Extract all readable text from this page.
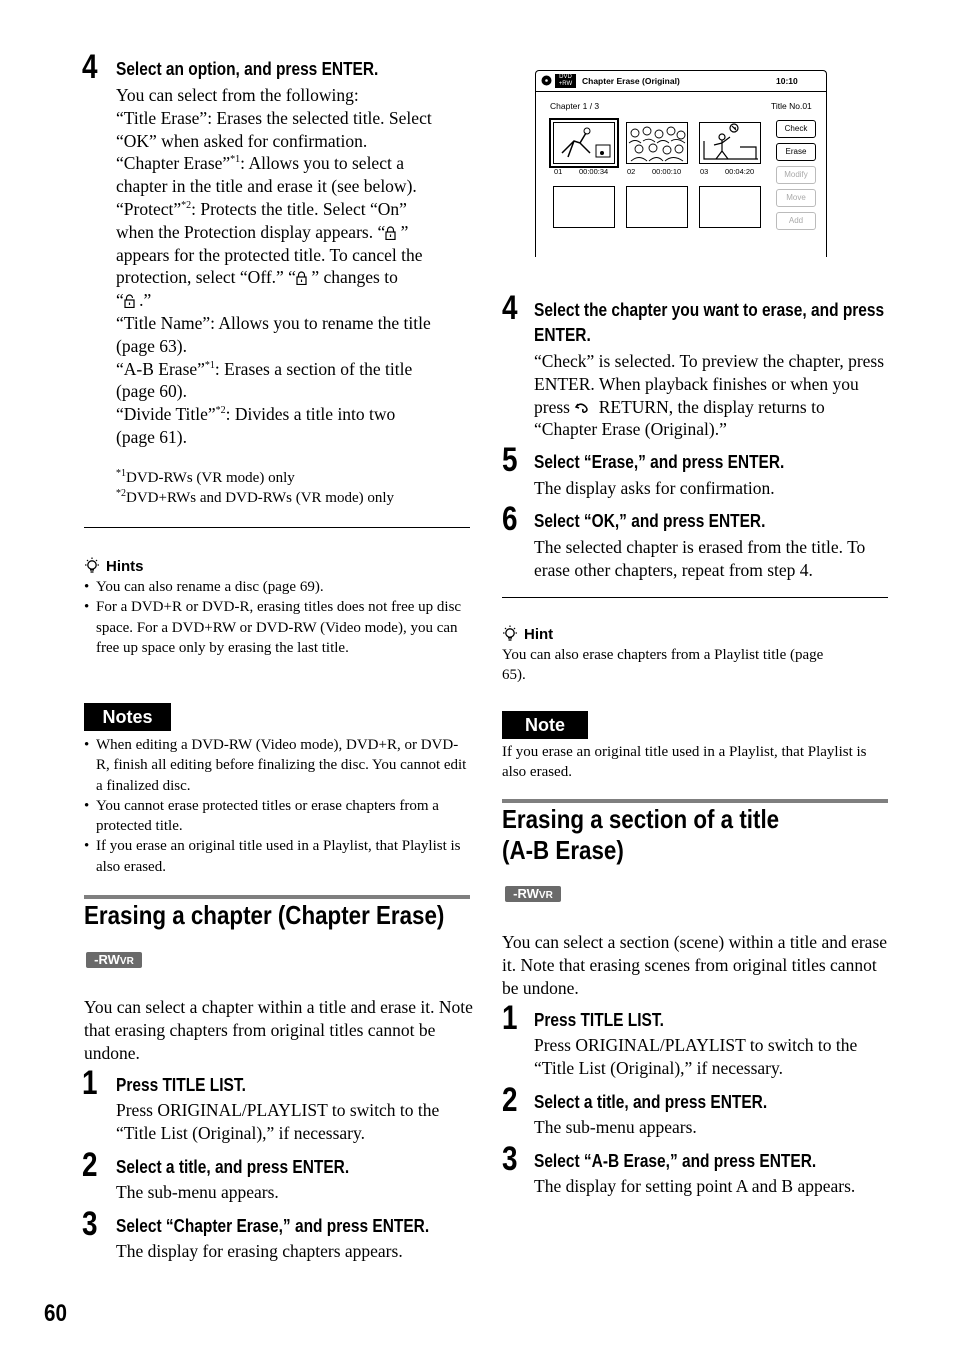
4 Select an option, and press ENTER.
You can select from the following:
“Title Erase”: Erases the selected title. Select
“OK” when asked for confirmation.
“Chapter Erase”$^{*1}$: Allows you to select a
chapter in the title and erase it (see below).
“Protect”$^{*2}$: Protects the title. Select “On”
when the Protection display appears. “ ”
appears for the protected title. To cancel the
protection, select “Off.” “ ” changes to
“ .”
“Title Name”: Allows you to rename the title
(page 63).
“A-B Erase”$^{*1}$: Erases a section of the title
(page 60).
“Divide Title”$^{*2}$: Divides a title into two
(page 61).
$^{*1}$DVD-RWs (VR mode) only
$^{*2}$DVD+RWs and DVD-RWs (VR mode) only
Hints
• You can also rename a disc (page 69).
• For a DVD+R or DVD-R, erasing titles does not free up disc space. For a DVD+RW or DVD-RW (Video mode), you can free up space only by erasing the last title.
Notes
• When editing a DVD-RW (Video mode), DVD+R, or DVD-R, finish all editing before finalizing the disc. You cannot edit a finalized disc.
• You cannot erase protected titles or erase chapters from a protected title.
• If you erase an original title used in a Playlist, that Playlist is also erased.
Erasing a chapter (Chapter Erase)
-RWVR
You can select a chapter within a title and erase it. Note that erasing chapters from original titles cannot be undone.
1 Press TITLE LIST.
Press ORIGINAL/PLAYLIST to switch to the “Title List (Original),” if necessary.
2 Select a title, and press ENTER.
The sub-menu appears.
3 Select “Chapter Erase,” and press ENTER.
The display for erasing chapters appears.
DVD
+RW	Chapter Erase (Original)	10:10
Chapter 1 / 3	Title No.01
01 00:00:34	02 00:00:10	03 00:04:20
Check
Erase
Modify
Move
Add
4 Select the chapter you want to erase, and press ENTER.
“Check” is selected. To preview the chapter, press ENTER. When playback finishes or when you press  RETURN, the display returns to “Chapter Erase (Original).”
5 Select “Erase,” and press ENTER.
The display asks for confirmation.
6 Select “OK,” and press ENTER.
The selected chapter is erased from the title. To erase other chapters, repeat from step 4.
Hint
You can also erase chapters from a Playlist title (page 65).
Note
If you erase an original title used in a Playlist, that Playlist is also erased.
Erasing a section of a title
(A-B Erase)
-RWVR
You can select a section (scene) within a title and erase it. Note that erasing scenes from original titles cannot be undone.
1 Press TITLE LIST.
Press ORIGINAL/PLAYLIST to switch to the “Title List (Original),” if necessary.
2 Select a title, and press ENTER.
The sub-menu appears.
3 Select “A-B Erase,” and press ENTER.
The display for setting point A and B appears.
60
